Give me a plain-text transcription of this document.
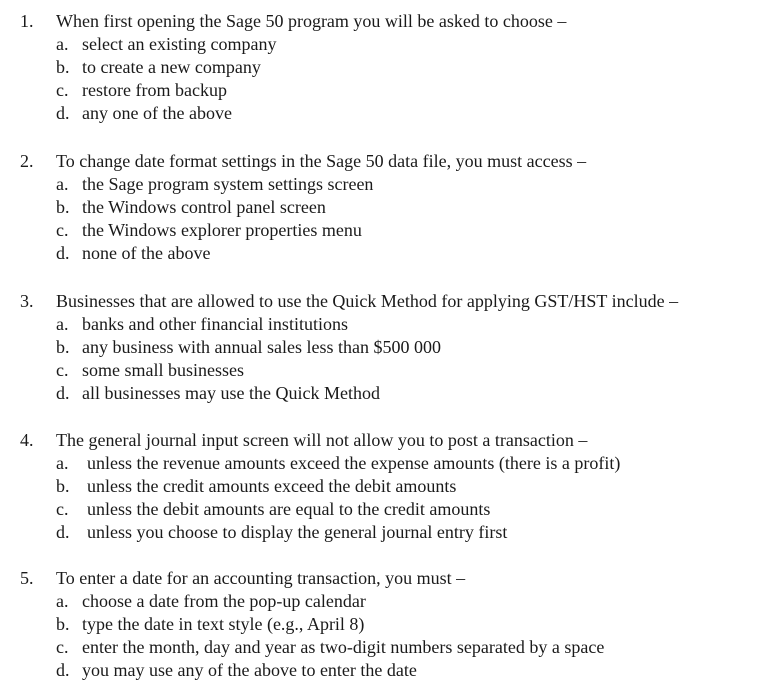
1. When first opening the Sage 50 program you will be asked to choose –
a. select an existing company
b. to create a new company
c. restore from backup
d. any one of the above
2. To change date format settings in the Sage 50 data file, you must access –
a. the Sage program system settings screen
b. the Windows control panel screen
c. the Windows explorer properties menu
d. none of the above
3. Businesses that are allowed to use the Quick Method for applying GST/HST include –
a. banks and other financial institutions
b. any business with annual sales less than $500 000
c. some small businesses
d. all businesses may use the Quick Method
4. The general journal input screen will not allow you to post a transaction –
a. unless the revenue amounts exceed the expense amounts (there is a profit)
b. unless the credit amounts exceed the debit amounts
c. unless the debit amounts are equal to the credit amounts
d. unless you choose to display the general journal entry first
5. To enter a date for an accounting transaction, you must –
a. choose a date from the pop-up calendar
b. type the date in text style (e.g., April 8)
c. enter the month, day and year as two-digit numbers separated by a space
d. you may use any of the above to enter the date
